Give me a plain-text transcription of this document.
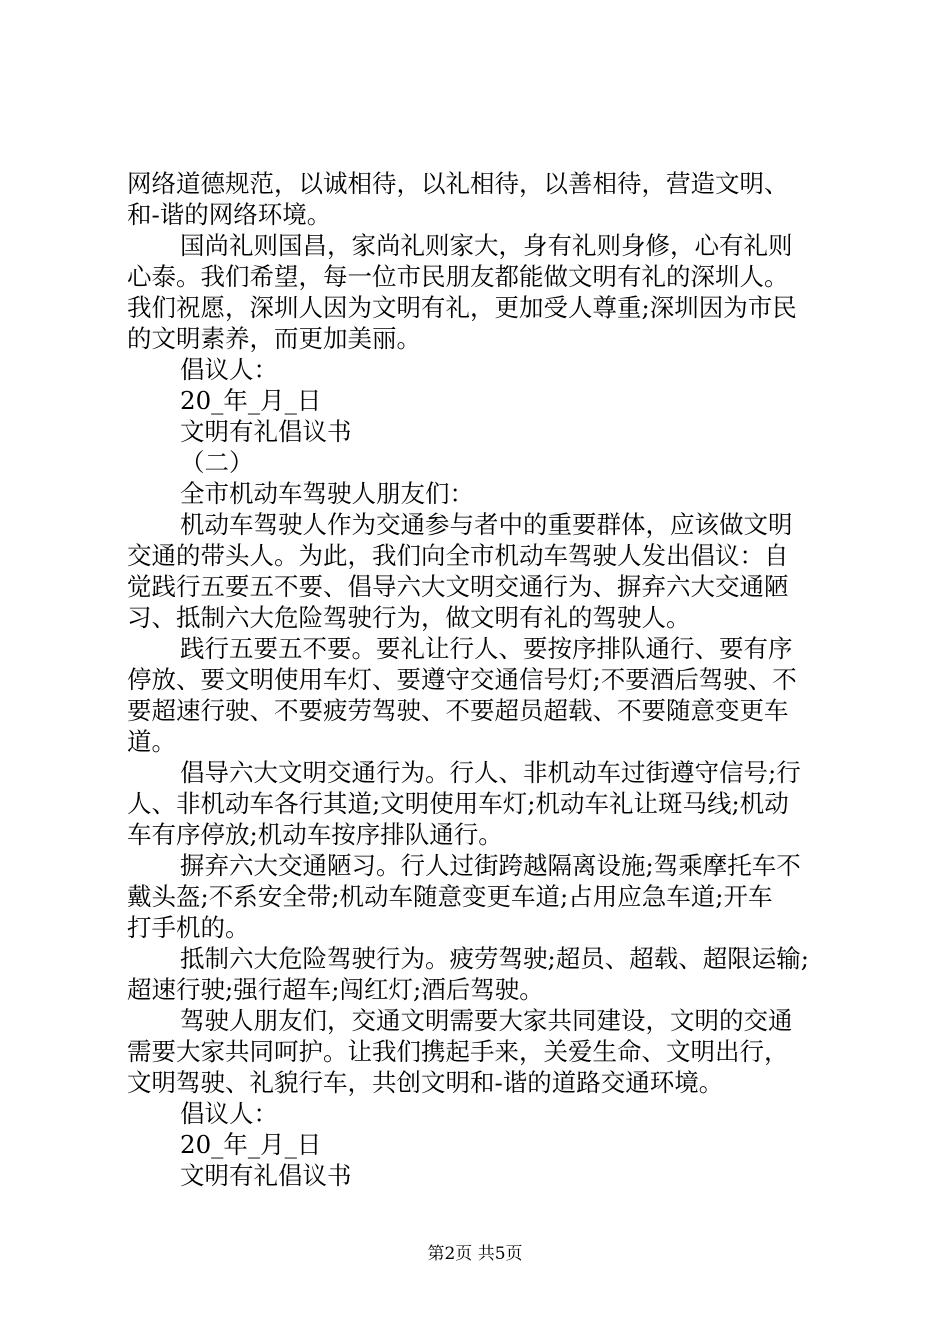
网络道德规范，以诚相待，以礼相待，以善相待，营造文明、
和-谐的网络环境。
国尚礼则国昌，家尚礼则家大，身有礼则身修，心有礼则
心泰。我们希望，每一位市民朋友都能做文明有礼的深圳人。
我们祝愿，深圳人因为文明有礼，更加受人尊重;深圳因为市民
的文明素养，而更加美丽。
倡议人：
20_年_月_日
文明有礼倡议书
（二）
全市机动车驾驶人朋友们：
机动车驾驶人作为交通参与者中的重要群体，应该做文明
交通的带头人。为此，我们向全市机动车驾驶人发出倡议：自
觉践行五要五不要、倡导六大文明交通行为、摒弃六大交通陋
习、抵制六大危险驾驶行为，做文明有礼的驾驶人。
践行五要五不要。要礼让行人、要按序排队通行、要有序
停放、要文明使用车灯、要遵守交通信号灯;不要酒后驾驶、不
要超速行驶、不要疲劳驾驶、不要超员超载、不要随意变更车
道。
倡导六大文明交通行为。行人、非机动车过街遵守信号;行
人、非机动车各行其道;文明使用车灯;机动车礼让斑马线;机动
车有序停放;机动车按序排队通行。
摒弃六大交通陋习。行人过街跨越隔离设施;驾乘摩托车不
戴头盔;不系安全带;机动车随意变更车道;占用应急车道;开车
打手机的。
抵制六大危险驾驶行为。疲劳驾驶;超员、超载、超限运输;
超速行驶;强行超车;闯红灯;酒后驾驶。
驾驶人朋友们，交通文明需要大家共同建设，文明的交通
需要大家共同呵护。让我们携起手来，关爱生命、文明出行，
文明驾驶、礼貌行车，共创文明和-谐的道路交通环境。
倡议人：
20_年_月_日
文明有礼倡议书
第2页 共5页
